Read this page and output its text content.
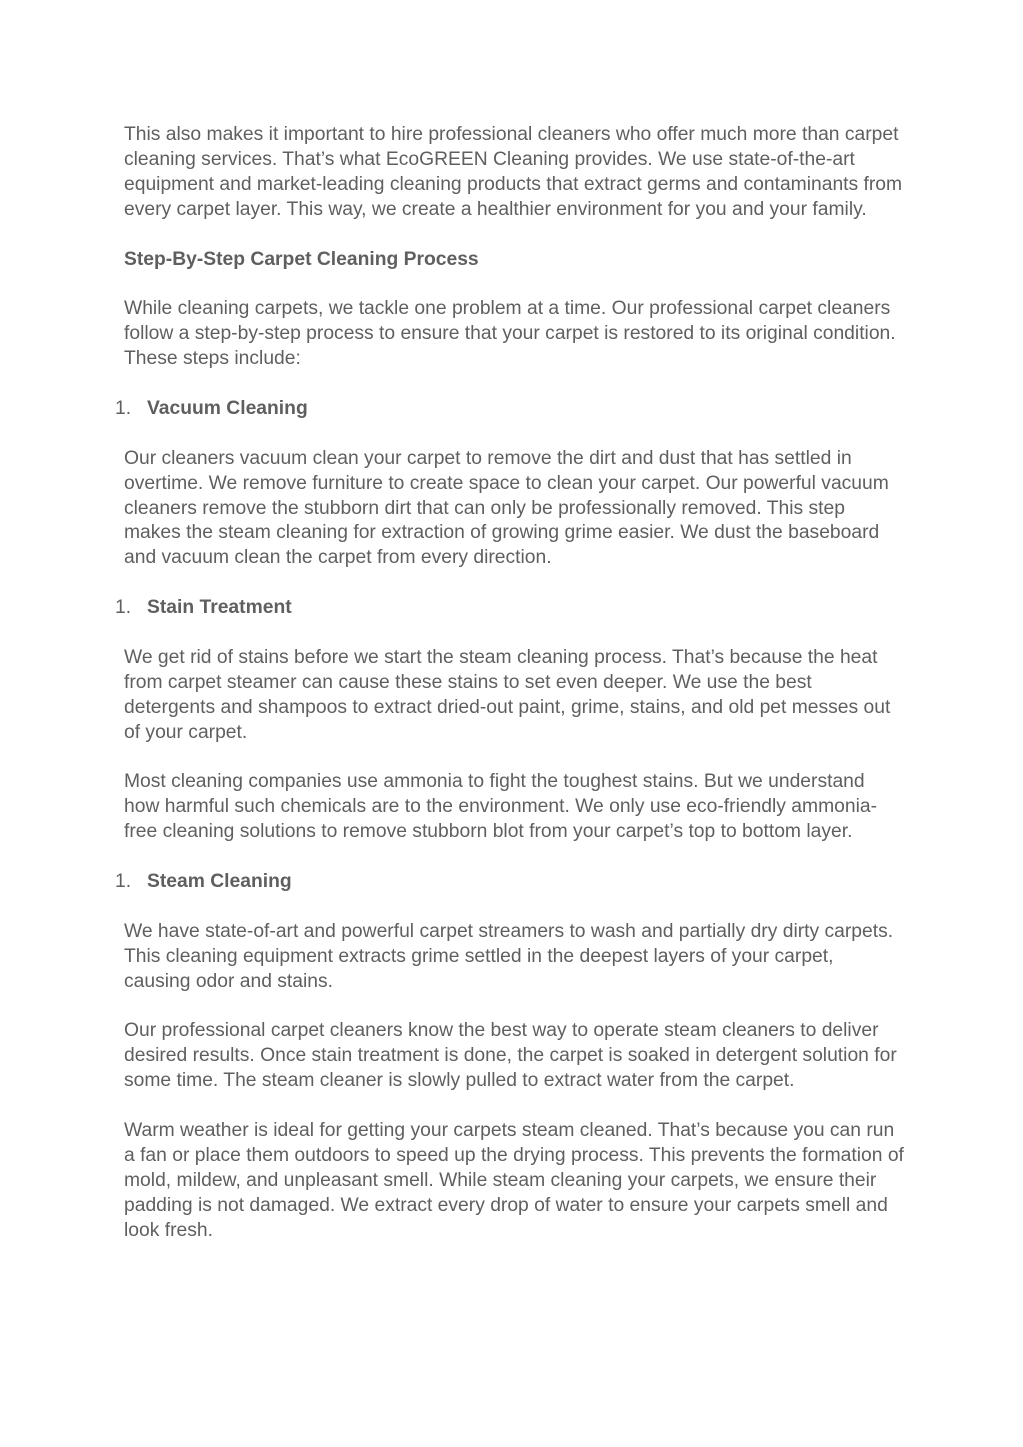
This also makes it important to hire professional cleaners who offer much more than carpet cleaning services. That’s what EcoGREEN Cleaning provides. We use state-of-the-art equipment and market-leading cleaning products that extract germs and contaminants from every carpet layer. This way, we create a healthier environment for you and your family.

Step-By-Step Carpet Cleaning Process

While cleaning carpets, we tackle one problem at a time. Our professional carpet cleaners follow a step-by-step process to ensure that your carpet is restored to its original condition. These steps include:

1. Vacuum Cleaning

Our cleaners vacuum clean your carpet to remove the dirt and dust that has settled in overtime. We remove furniture to create space to clean your carpet. Our powerful vacuum cleaners remove the stubborn dirt that can only be professionally removed. This step makes the steam cleaning for extraction of growing grime easier. We dust the baseboard and vacuum clean the carpet from every direction.

1. Stain Treatment

We get rid of stains before we start the steam cleaning process. That’s because the heat from carpet steamer can cause these stains to set even deeper. We use the best detergents and shampoos to extract dried-out paint, grime, stains, and old pet messes out of your carpet.

Most cleaning companies use ammonia to fight the toughest stains. But we understand how harmful such chemicals are to the environment. We only use eco-friendly ammonia-free cleaning solutions to remove stubborn blot from your carpet’s top to bottom layer.

1. Steam Cleaning

We have state-of-art and powerful carpet streamers to wash and partially dry dirty carpets. This cleaning equipment extracts grime settled in the deepest layers of your carpet, causing odor and stains.

Our professional carpet cleaners know the best way to operate steam cleaners to deliver desired results. Once stain treatment is done, the carpet is soaked in detergent solution for some time. The steam cleaner is slowly pulled to extract water from the carpet.

Warm weather is ideal for getting your carpets steam cleaned. That’s because you can run a fan or place them outdoors to speed up the drying process. This prevents the formation of mold, mildew, and unpleasant smell. While steam cleaning your carpets, we ensure their padding is not damaged. We extract every drop of water to ensure your carpets smell and look fresh.
